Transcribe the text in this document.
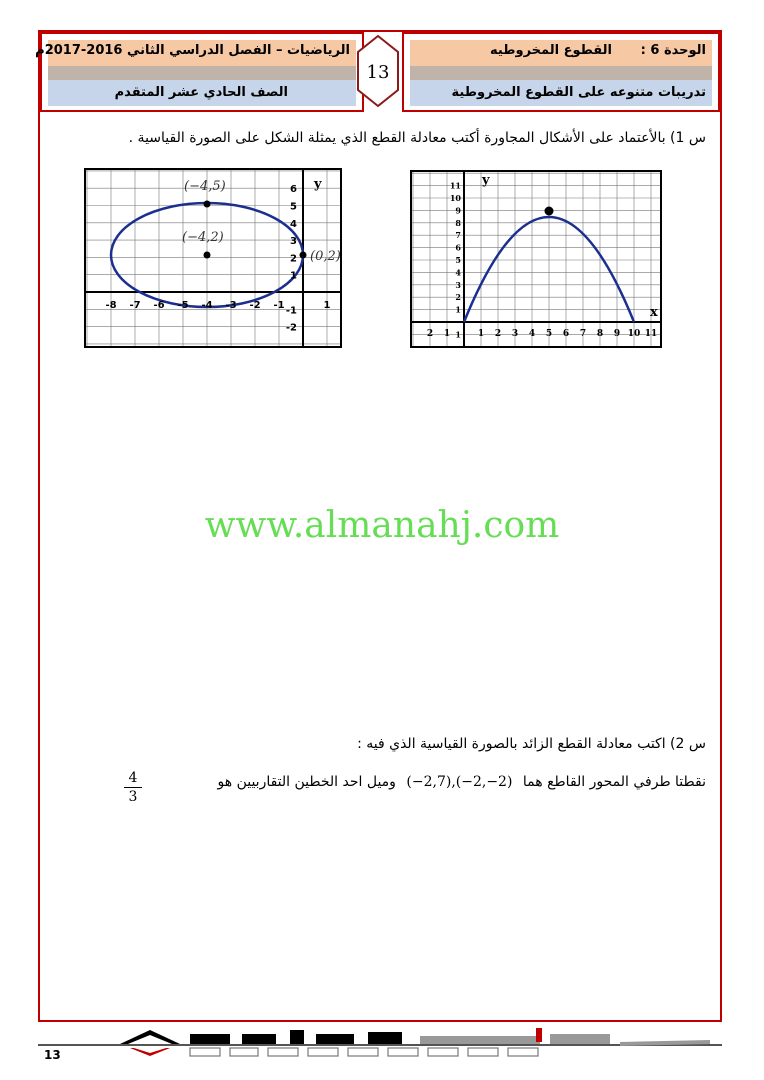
الرياضيات – الفصل الدراسي الثاني 2016-2017م
الصف الحادي عشر المتقدم
13
الوحدة 6 :
القطوع المخروطيه
تدريبات متنوعه على القطوع المخروطية
س 1) بالأعتماد على الأشكال المجاورة أكتب معادلة القطع الذي يمثلة الشكل على الصورة القياسية .
(−4,5)
(−4,2)
(0,2)
y
-8 -7 -6 -5 -4 -3 -2 -1	1
6
5
4
3
2
1
-1
-2
y
x
2 1	1 2 3 4 5 6 7 8 9 10 11
11
10
9
8
7
6
5
4
3
2
1
1
www.almanahj.com
س 2) اكتب معادلة القطع الزائد بالصورة القياسية الذي فيه :
نقطتا طرفي المحور القاطع هما (−2,7),(−2,−2) وميل احد الخطين التقاربيين هو
4
3
13
